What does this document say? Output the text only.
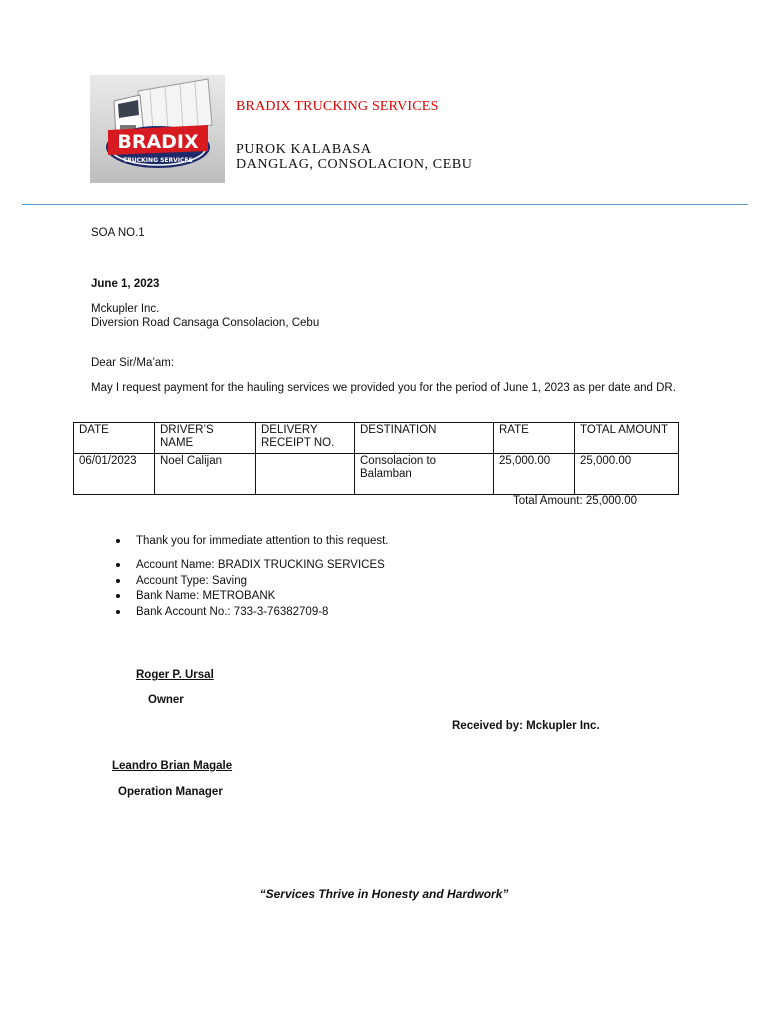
BRADIX
TRUCKING SERVICES
BRADIX TRUCKING SERVICES
PUROK KALABASA
DANGLAG, CONSOLACION, CEBU
SOA NO.1
June 1, 2023
Mckupler Inc.
Diversion Road Cansaga Consolacion, Cebu
Dear Sir/Ma’am:
May I request payment for the hauling services we provided you for the period of June 1, 2023 as per date and DR.
DATE	DRIVER’S NAME	DELIVERY RECEIPT NO.	DESTINATION	RATE	TOTAL AMOUNT
06/01/2023	Noel Calijan		Consolacion to Balamban	25,000.00	25,000.00
Total Amount: 25,000.00
Thank you for immediate attention to this request.
Account Name: BRADIX TRUCKING SERVICES
Account Type: Saving
Bank Name: METROBANK
Bank Account No.: 733-3-76382709-8
Roger P. Ursal
Owner
Received by: Mckupler Inc.
Leandro Brian Magale
Operation Manager
“Services Thrive in Honesty and Hardwork”
